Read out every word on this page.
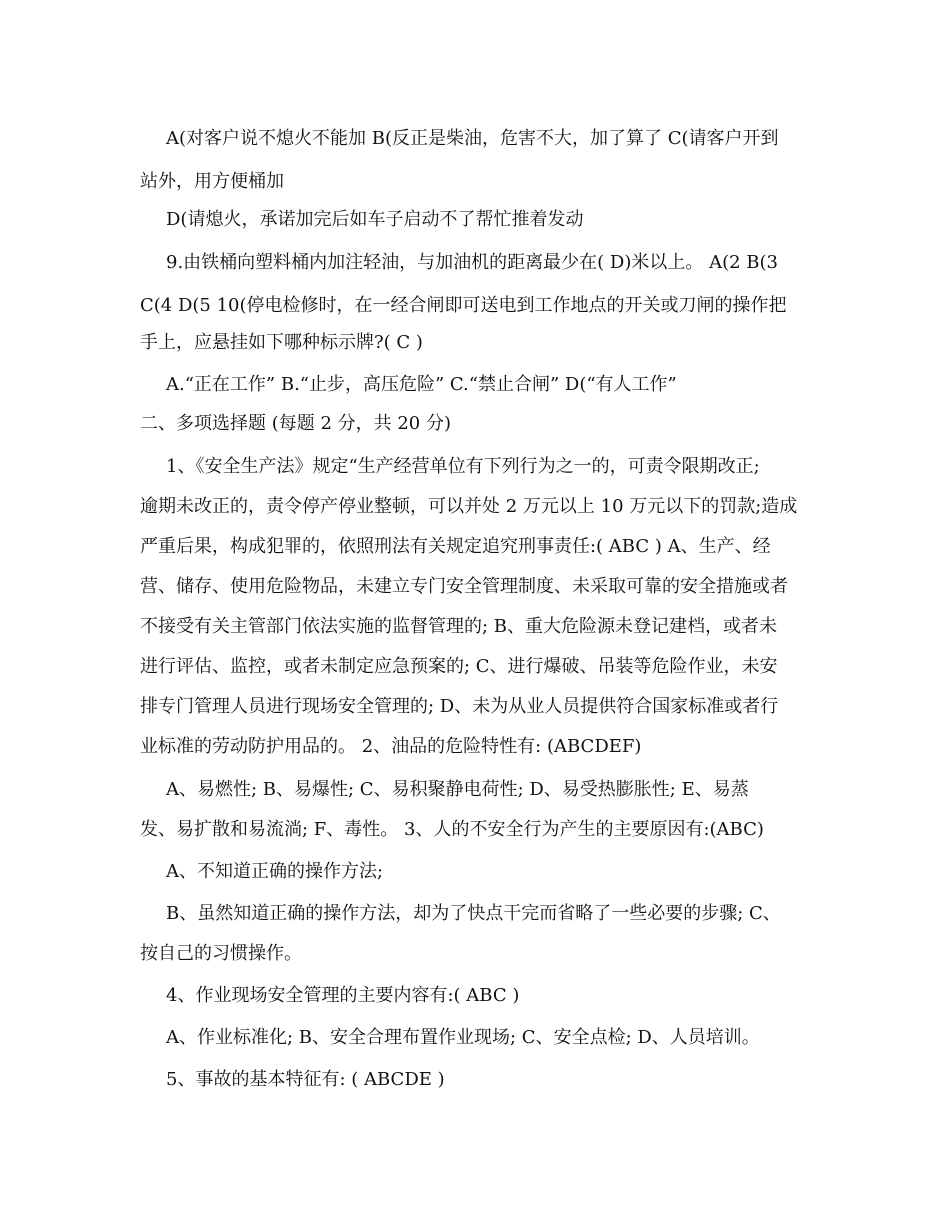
A(对客户说不熄火不能加 B(反正是柴油，危害不大，加了算了 C(请客户开到
站外，用方便桶加
D(请熄火，承诺加完后如车子启动不了帮忙推着发动
9.由铁桶向塑料桶内加注轻油，与加油机的距离最少在( D)米以上。 A(2 B(3
C(4 D(5 10(停电检修时，在一经合闸即可送电到工作地点的开关或刀闸的操作把
手上，应悬挂如下哪种标示牌?( C )
A.“正在工作” B.“止步，高压危险” C.“禁止合闸” D(“有人工作”
二、多项选择题 (每题 2 分，共 20 分)
1、《安全生产法》规定“生产经营单位有下列行为之一的，可责令限期改正;
逾期未改正的，责令停产停业整顿，可以并处 2 万元以上 10 万元以下的罚款;造成
严重后果，构成犯罪的，依照刑法有关规定追究刑事责任:( ABC ) A、生产、经
营、储存、使用危险物品，未建立专门安全管理制度、未采取可靠的安全措施或者
不接受有关主管部门依法实施的监督管理的; B、重大危险源未登记建档，或者未
进行评估、监控，或者未制定应急预案的; C、进行爆破、吊装等危险作业，未安
排专门管理人员进行现场安全管理的; D、未为从业人员提供符合国家标准或者行
业标准的劳动防护用品的。 2、油品的危险特性有: (ABCDEF)
A、易燃性; B、易爆性; C、易积聚静电荷性; D、易受热膨胀性; E、易蒸
发、易扩散和易流淌; F、毒性。 3、人的不安全行为产生的主要原因有:(ABC)
A、不知道正确的操作方法;
B、虽然知道正确的操作方法，却为了快点干完而省略了一些必要的步骤; C、
按自己的习惯操作。
4、作业现场安全管理的主要内容有:( ABC )
A、作业标准化; B、安全合理布置作业现场; C、安全点检; D、人员培训。
5、事故的基本特征有: ( ABCDE )
